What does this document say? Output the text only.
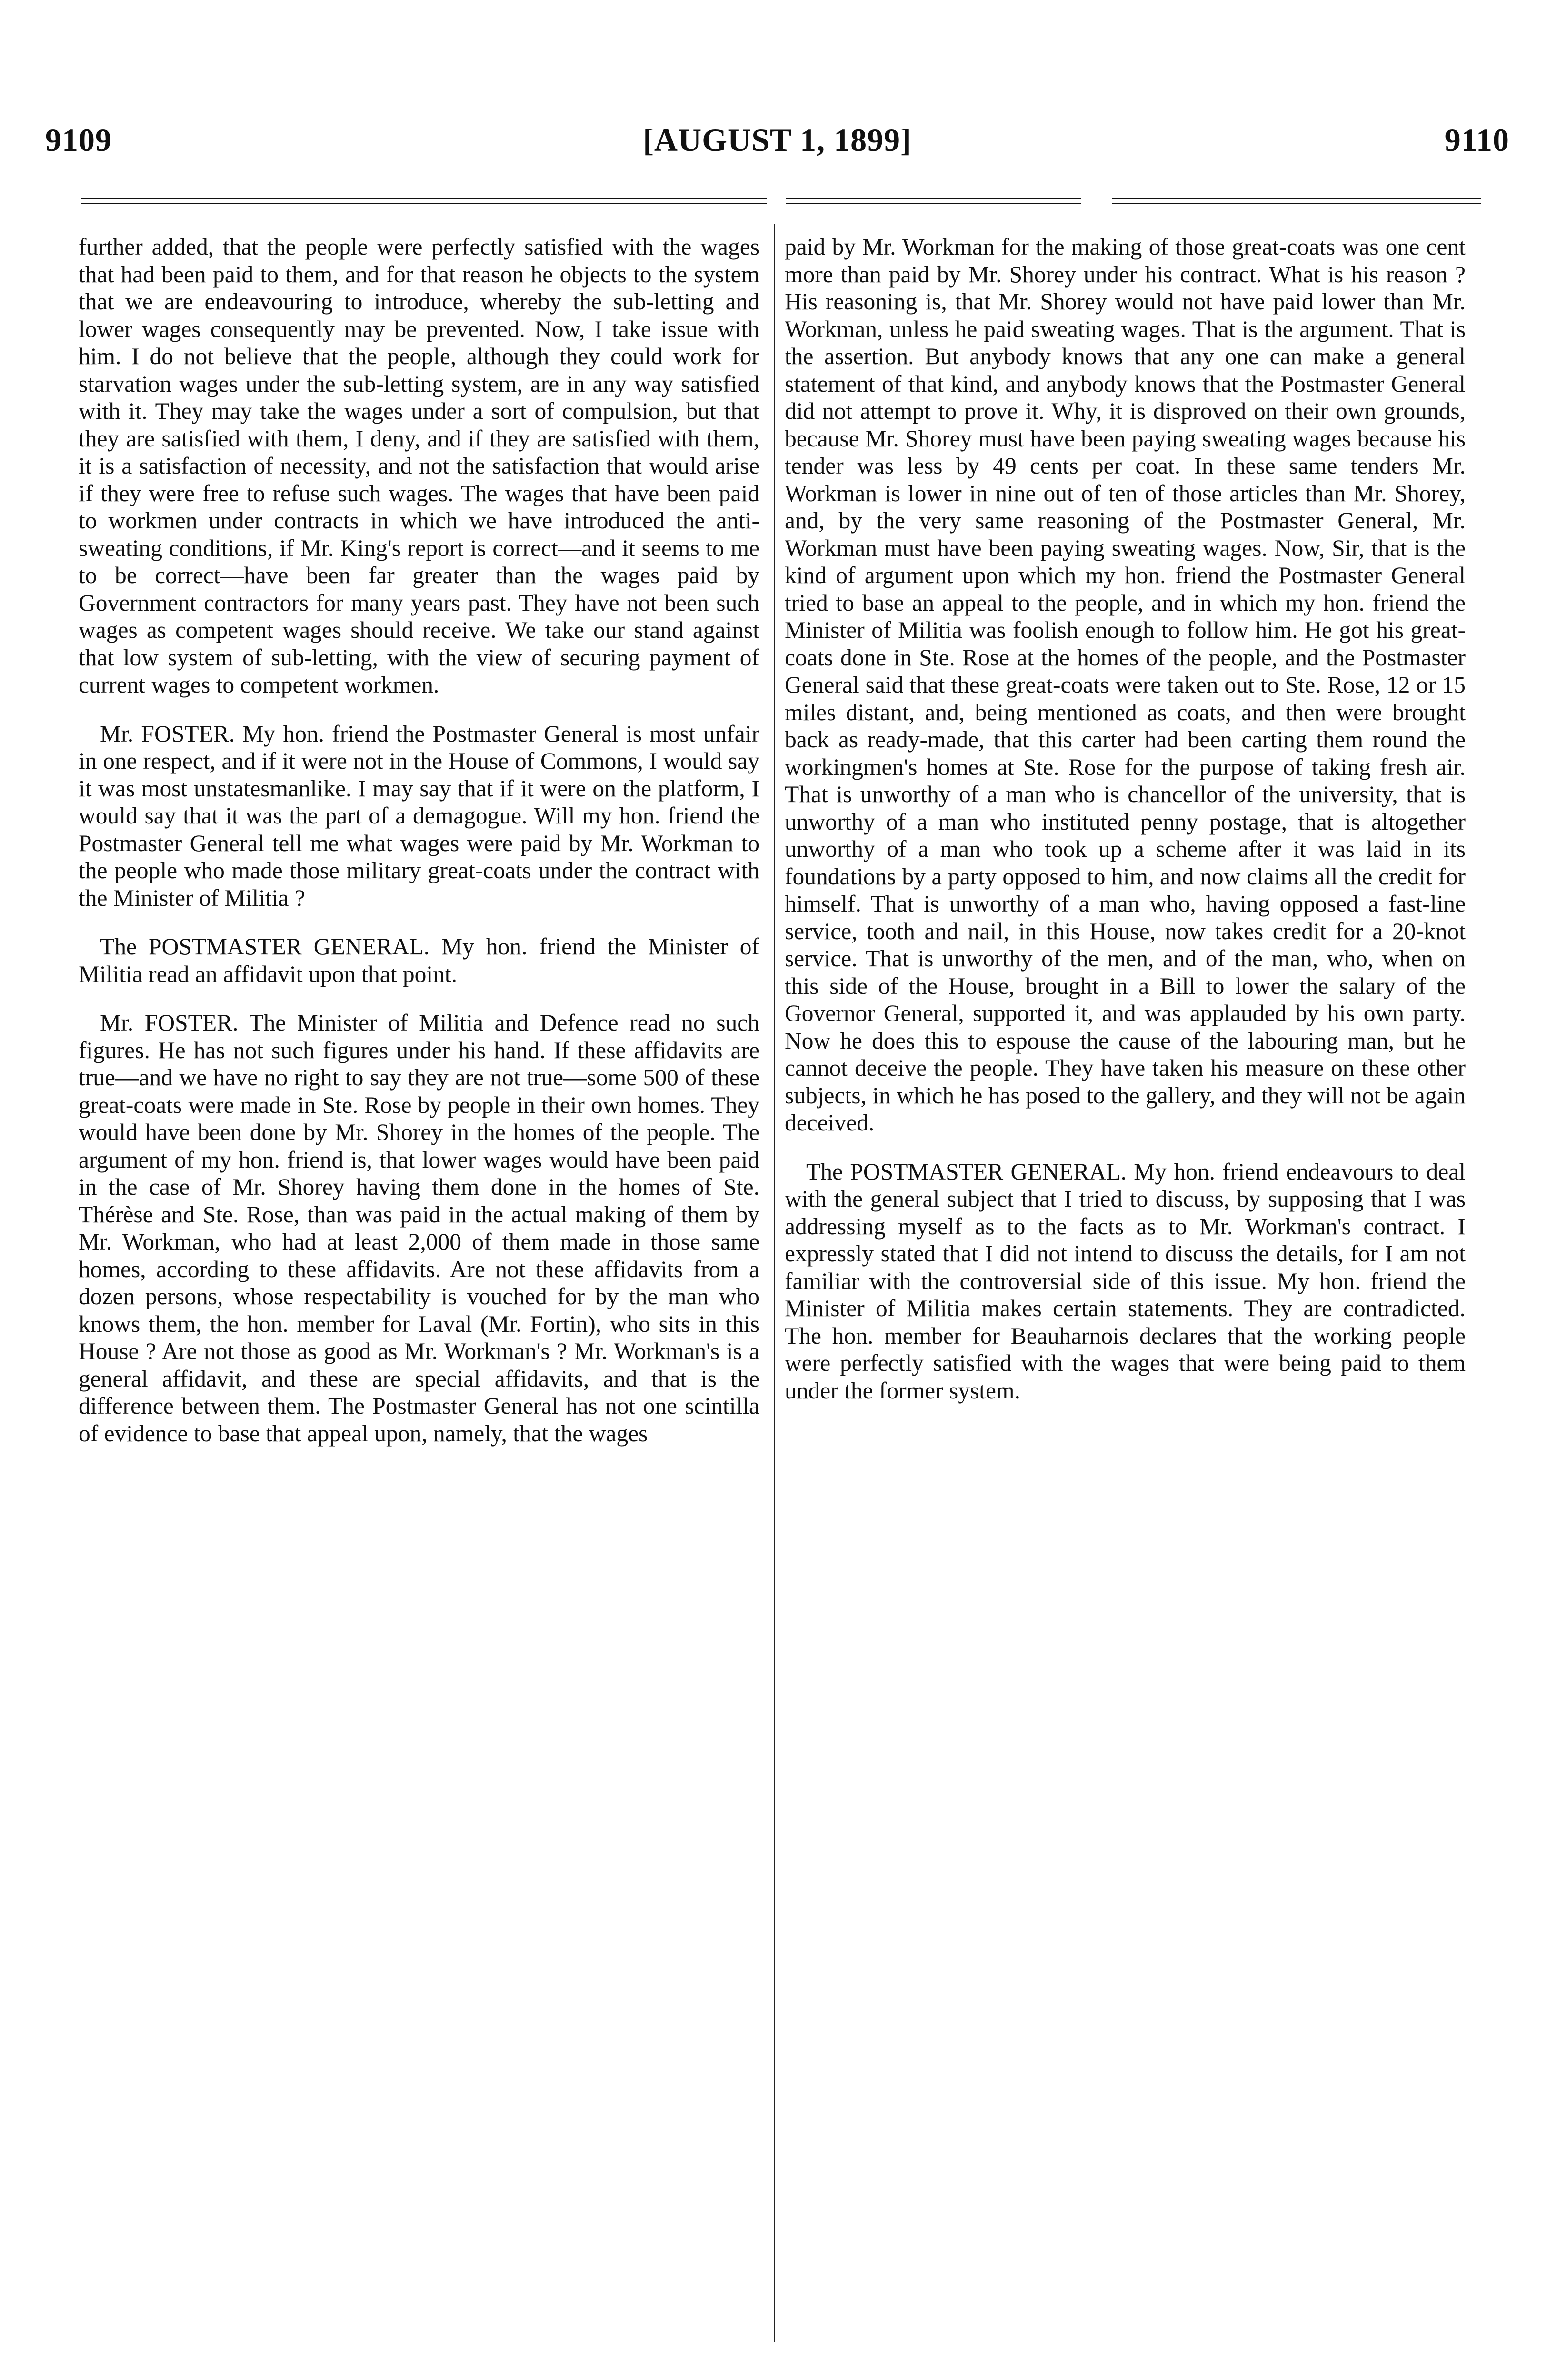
9109	[AUGUST 1, 1899]	9110

further added, that the people were perfectly satisfied with the wages that had been paid to them, and for that reason he objects to the system that we are endeavouring to introduce, whereby the sub-letting and lower wages consequently may be prevented. Now, I take issue with him. I do not believe that the people, although they could work for starvation wages under the sub-letting system, are in any way satisfied with it. They may take the wages under a sort of compulsion, but that they are satisfied with them, I deny, and if they are satisfied with them, it is a satisfaction of necessity, and not the satisfaction that would arise if they were free to refuse such wages. The wages that have been paid to workmen under contracts in which we have introduced the anti-sweating conditions, if Mr. King's report is correct—and it seems to me to be correct—have been far greater than the wages paid by Government contractors for many years past. They have not been such wages as competent wages should receive. We take our stand against that low system of sub-letting, with the view of securing payment of current wages to competent workmen.

Mr. FOSTER. My hon. friend the Postmaster General is most unfair in one respect, and if it were not in the House of Commons, I would say it was most unstatesmanlike. I may say that if it were on the platform, I would say that it was the part of a demagogue. Will my hon. friend the Postmaster General tell me what wages were paid by Mr. Workman to the people who made those military great-coats under the contract with the Minister of Militia ?

The POSTMASTER GENERAL. My hon. friend the Minister of Militia read an affidavit upon that point.

Mr. FOSTER. The Minister of Militia and Defence read no such figures. He has not such figures under his hand. If these affidavits are true—and we have no right to say they are not true—some 500 of these great-coats were made in Ste. Rose by people in their own homes. They would have been done by Mr. Shorey in the homes of the people. The argument of my hon. friend is, that lower wages would have been paid in the case of Mr. Shorey having them done in the homes of Ste. Thérèse and Ste. Rose, than was paid in the actual making of them by Mr. Workman, who had at least 2,000 of them made in those same homes, according to these affidavits. Are not these affidavits from a dozen persons, whose respectability is vouched for by the man who knows them, the hon. member for Laval (Mr. Fortin), who sits in this House ? Are not those as good as Mr. Workman's ? Mr. Workman's is a general affidavit, and these are special affidavits, and that is the difference between them. The Postmaster General has not one scintilla of evidence to base that appeal upon, namely, that the wages

paid by Mr. Workman for the making of those great-coats was one cent more than paid by Mr. Shorey under his contract. What is his reason ? His reasoning is, that Mr. Shorey would not have paid lower than Mr. Workman, unless he paid sweating wages. That is the argument. That is the assertion. But anybody knows that any one can make a general statement of that kind, and anybody knows that the Postmaster General did not attempt to prove it. Why, it is disproved on their own grounds, because Mr. Shorey must have been paying sweating wages because his tender was less by 49 cents per coat. In these same tenders Mr. Workman is lower in nine out of ten of those articles than Mr. Shorey, and, by the very same reasoning of the Postmaster General, Mr. Workman must have been paying sweating wages. Now, Sir, that is the kind of argument upon which my hon. friend the Postmaster General tried to base an appeal to the people, and in which my hon. friend the Minister of Militia was foolish enough to follow him. He got his great-coats done in Ste. Rose at the homes of the people, and the Postmaster General said that these great-coats were taken out to Ste. Rose, 12 or 15 miles distant, and, being mentioned as coats, and then were brought back as ready-made, that this carter had been carting them round the workingmen's homes at Ste. Rose for the purpose of taking fresh air. That is unworthy of a man who is chancellor of the university, that is unworthy of a man who instituted penny postage, that is altogether unworthy of a man who took up a scheme after it was laid in its foundations by a party opposed to him, and now claims all the credit for himself. That is unworthy of a man who, having opposed a fast-line service, tooth and nail, in this House, now takes credit for a 20-knot service. That is unworthy of the men, and of the man, who, when on this side of the House, brought in a Bill to lower the salary of the Governor General, supported it, and was applauded by his own party. Now he does this to espouse the cause of the labouring man, but he cannot deceive the people. They have taken his measure on these other subjects, in which he has posed to the gallery, and they will not be again deceived.

The POSTMASTER GENERAL. My hon. friend endeavours to deal with the general subject that I tried to discuss, by supposing that I was addressing myself as to the facts as to Mr. Workman's contract. I expressly stated that I did not intend to discuss the details, for I am not familiar with the controversial side of this issue. My hon. friend the Minister of Militia makes certain statements. They are contradicted. The hon. member for Beauharnois declares that the working people were perfectly satisfied with the wages that were being paid to them under the former system.
